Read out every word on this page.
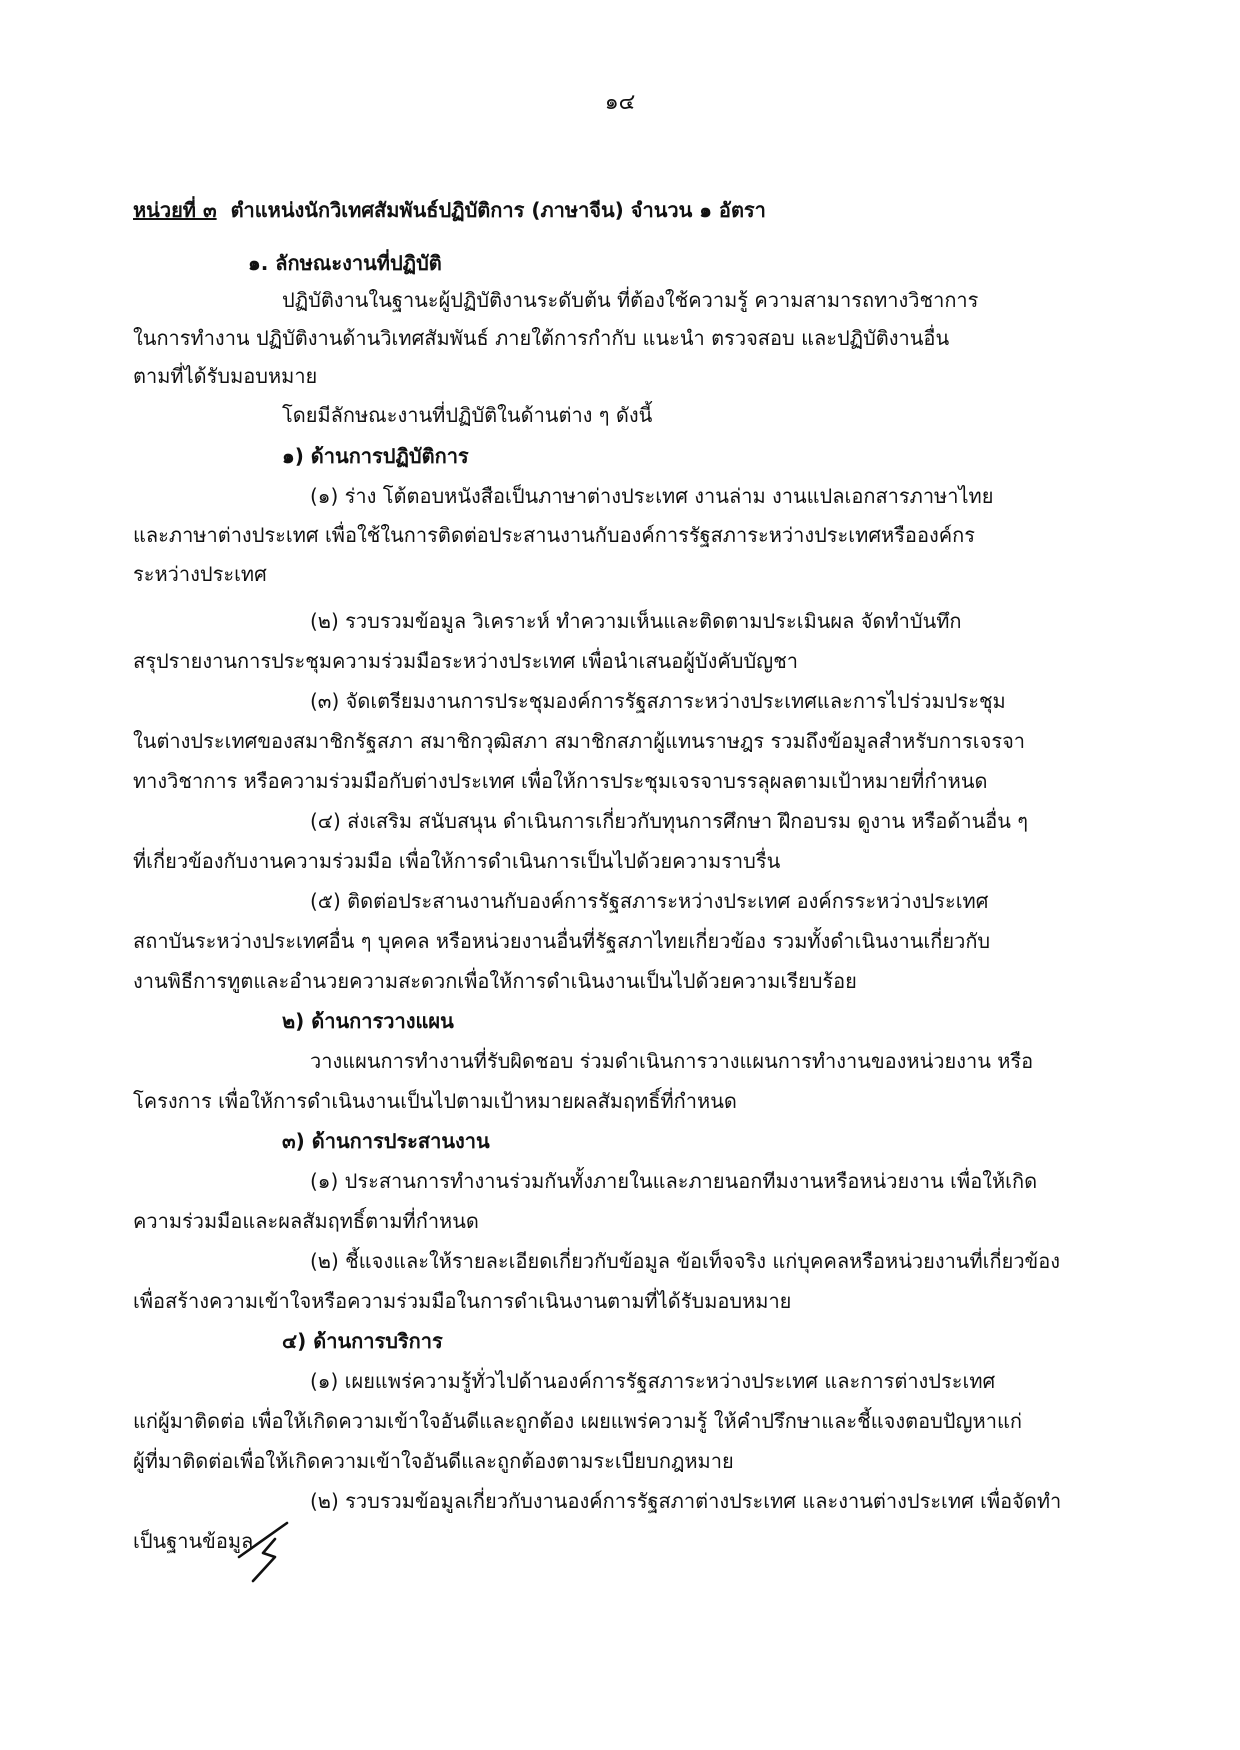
๑๔
หน่วยที่ ๓ ตำแหน่งนักวิเทศสัมพันธ์ปฏิบัติการ (ภาษาจีน) จำนวน ๑ อัตรา
๑. ลักษณะงานที่ปฏิบัติ
ปฏิบัติงานในฐานะผู้ปฏิบัติงานระดับต้น ที่ต้องใช้ความรู้ ความสามารถทางวิชาการ
ในการทำงาน ปฏิบัติงานด้านวิเทศสัมพันธ์ ภายใต้การกำกับ แนะนำ ตรวจสอบ และปฏิบัติงานอื่น
ตามที่ได้รับมอบหมาย
โดยมีลักษณะงานที่ปฏิบัติในด้านต่าง ๆ ดังนี้
๑) ด้านการปฏิบัติการ
(๑) ร่าง โต้ตอบหนังสือเป็นภาษาต่างประเทศ งานล่าม งานแปลเอกสารภาษาไทย
และภาษาต่างประเทศ เพื่อใช้ในการติดต่อประสานงานกับองค์การรัฐสภาระหว่างประเทศหรือองค์กร
ระหว่างประเทศ
(๒) รวบรวมข้อมูล วิเคราะห์ ทำความเห็นและติดตามประเมินผล จัดทำบันทึก
สรุปรายงานการประชุมความร่วมมือระหว่างประเทศ เพื่อนำเสนอผู้บังคับบัญชา
(๓) จัดเตรียมงานการประชุมองค์การรัฐสภาระหว่างประเทศและการไปร่วมประชุม
ในต่างประเทศของสมาชิกรัฐสภา สมาชิกวุฒิสภา สมาชิกสภาผู้แทนราษฎร รวมถึงข้อมูลสำหรับการเจรจา
ทางวิชาการ หรือความร่วมมือกับต่างประเทศ เพื่อให้การประชุมเจรจาบรรลุผลตามเป้าหมายที่กำหนด
(๔) ส่งเสริม สนับสนุน ดำเนินการเกี่ยวกับทุนการศึกษา ฝึกอบรม ดูงาน หรือด้านอื่น ๆ
ที่เกี่ยวข้องกับงานความร่วมมือ เพื่อให้การดำเนินการเป็นไปด้วยความราบรื่น
(๕) ติดต่อประสานงานกับองค์การรัฐสภาระหว่างประเทศ องค์กรระหว่างประเทศ
สถาบันระหว่างประเทศอื่น ๆ บุคคล หรือหน่วยงานอื่นที่รัฐสภาไทยเกี่ยวข้อง รวมทั้งดำเนินงานเกี่ยวกับ
งานพิธีการทูตและอำนวยความสะดวกเพื่อให้การดำเนินงานเป็นไปด้วยความเรียบร้อย
๒) ด้านการวางแผน
วางแผนการทำงานที่รับผิดชอบ ร่วมดำเนินการวางแผนการทำงานของหน่วยงาน หรือ
โครงการ เพื่อให้การดำเนินงานเป็นไปตามเป้าหมายผลสัมฤทธิ์ที่กำหนด
๓) ด้านการประสานงาน
(๑) ประสานการทำงานร่วมกันทั้งภายในและภายนอกทีมงานหรือหน่วยงาน เพื่อให้เกิด
ความร่วมมือและผลสัมฤทธิ์ตามที่กำหนด
(๒) ชี้แจงและให้รายละเอียดเกี่ยวกับข้อมูล ข้อเท็จจริง แก่บุคคลหรือหน่วยงานที่เกี่ยวข้อง
เพื่อสร้างความเข้าใจหรือความร่วมมือในการดำเนินงานตามที่ได้รับมอบหมาย
๔) ด้านการบริการ
(๑) เผยแพร่ความรู้ทั่วไปด้านองค์การรัฐสภาระหว่างประเทศ และการต่างประเทศ
แก่ผู้มาติดต่อ เพื่อให้เกิดความเข้าใจอันดีและถูกต้อง เผยแพร่ความรู้ ให้คำปรึกษาและชี้แจงตอบปัญหาแก่
ผู้ที่มาติดต่อเพื่อให้เกิดความเข้าใจอันดีและถูกต้องตามระเบียบกฎหมาย
(๒) รวบรวมข้อมูลเกี่ยวกับงานองค์การรัฐสภาต่างประเทศ และงานต่างประเทศ เพื่อจัดทำ
เป็นฐานข้อมูล
